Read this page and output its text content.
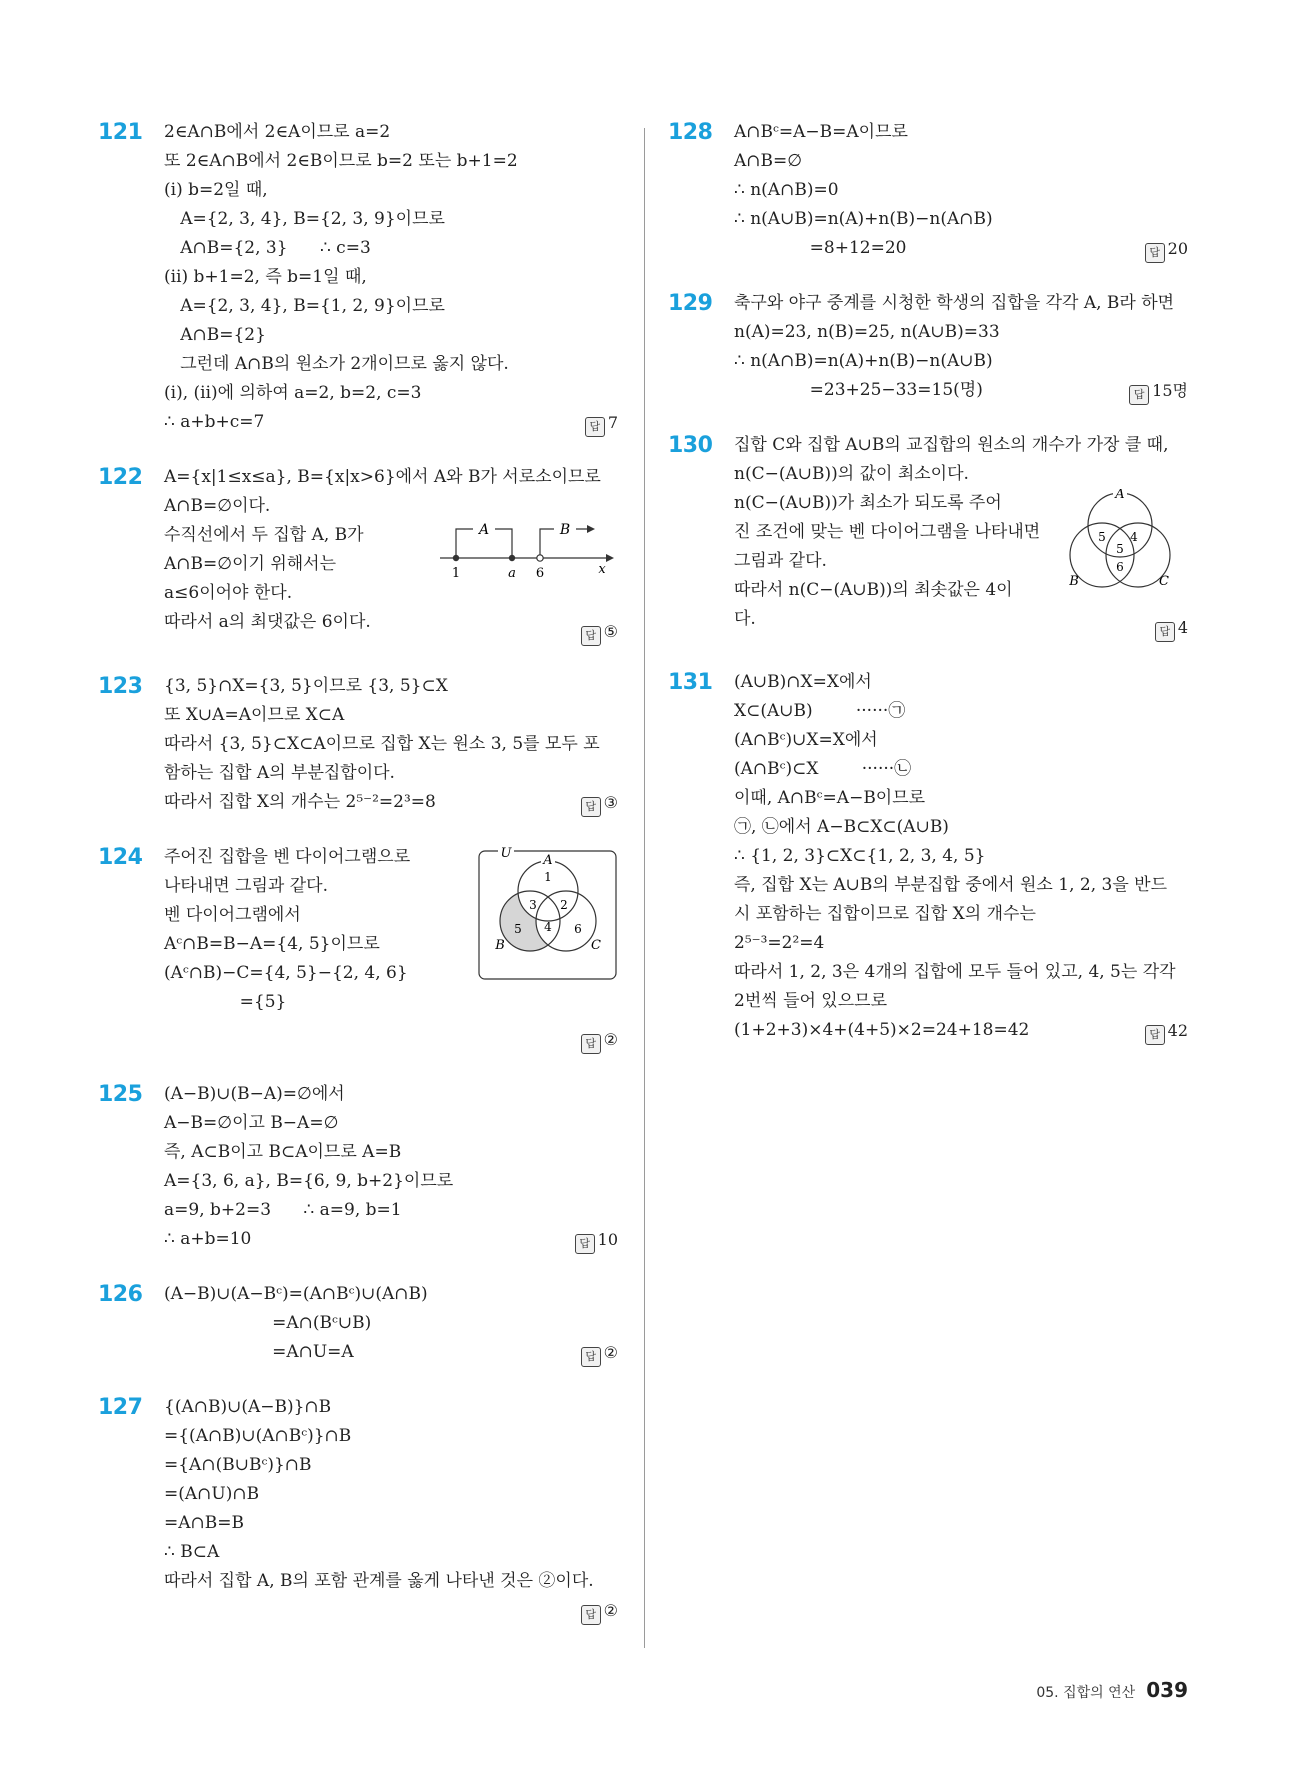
121 2∈A∩B에서 2∈A이므로 a=2
또 2∈A∩B에서 2∈B이므로 b=2 또는 b+1=2
(ⅰ) b=2일 때,
A={2, 3, 4}, B={2, 3, 9}이므로
A∩B={2, 3}      ∴ c=3
(ⅱ) b+1=2, 즉 b=1일 때,
A={2, 3, 4}, B={1, 2, 9}이므로
A∩B={2}
그런데 A∩B의 원소가 2개이므로 옳지 않다.
(ⅰ), (ⅱ)에 의하여 a=2, b=2, c=3
∴ a+b+c=7	답 7
122 A={x|1≤x≤a}, B={x|x>6}에서 A와 B가 서로소이므로
A∩B=∅이다.
수직선에서 두 집합 A, B가
A∩B=∅이기 위해서는
a≤6이어야 한다.
따라서 a의 최댓값은 6이다.
A	B
1	a 6	x
답 ⑤
123 {3, 5}∩X={3, 5}이므로 {3, 5}⊂X
또 X∪A=A이므로 X⊂A
따라서 {3, 5}⊂X⊂A이므로 집합 X는 원소 3, 5를 모두 포
함하는 집합 A의 부분집합이다.
따라서 집합 X의 개수는 2⁵⁻²=2³=8	답 ③
124 주어진 집합을 벤 다이어그램으로
나타내면 그림과 같다.
벤 다이어그램에서
Aᶜ∩B=B−A={4, 5}이므로
(Aᶜ∩B)−C={4, 5}−{2, 4, 6}
={5}
U A
B	C
1
3 2
4
5	6
답 ②
125 (A−B)∪(B−A)=∅에서
A−B=∅이고 B−A=∅
즉, A⊂B이고 B⊂A이므로 A=B
A={3, 6, a}, B={6, 9, b+2}이므로
a=9, b+2=3      ∴ a=9, b=1
∴ a+b=10	답 10
126 (A−B)∪(A−Bᶜ)=(A∩Bᶜ)∪(A∩B)
=A∩(Bᶜ∪B)
=A∩U=A	답 ②
127 {(A∩B)∪(A−B)}∩B
={(A∩B)∪(A∩Bᶜ)}∩B
={A∩(B∪Bᶜ)}∩B
=(A∩U)∩B
=A∩B=B
∴ B⊂A
따라서 집합 A, B의 포함 관계를 옳게 나타낸 것은 ②이다.
답 ②
128 A∩Bᶜ=A−B=A이므로
A∩B=∅
∴ n(A∩B)=0
∴ n(A∪B)=n(A)+n(B)−n(A∩B)
=8+12=20	답 20
129 축구와 야구 중계를 시청한 학생의 집합을 각각 A, B라 하면
n(A)=23, n(B)=25, n(A∪B)=33
∴ n(A∩B)=n(A)+n(B)−n(A∪B)
=23+25−33=15(명)	답 15명
130 집합 C와 집합 A∪B의 교집합의 원소의 개수가 가장 클 때,
n(C−(A∪B))의 값이 최소이다.
n(C−(A∪B))가 최소가 되도록 주어
진 조건에 맞는 벤 다이어그램을 나타내면
그림과 같다.
따라서 n(C−(A∪B))의 최솟값은 4이
다.
A
B	C
5 4
5
6
답 4
131 (A∪B)∩X=X에서
X⊂(A∪B)        ······㉠
(A∩Bᶜ)∪X=X에서
(A∩Bᶜ)⊂X        ······㉡
이때, A∩Bᶜ=A−B이므로
㉠, ㉡에서 A−B⊂X⊂(A∪B)
∴ {1, 2, 3}⊂X⊂{1, 2, 3, 4, 5}
즉, 집합 X는 A∪B의 부분집합 중에서 원소 1, 2, 3을 반드
시 포함하는 집합이므로 집합 X의 개수는
2⁵⁻³=2²=4
따라서 1, 2, 3은 4개의 집합에 모두 들어 있고, 4, 5는 각각
2번씩 들어 있으므로
(1+2+3)×4+(4+5)×2=24+18=42	답 42
05. 집합의 연산 039
